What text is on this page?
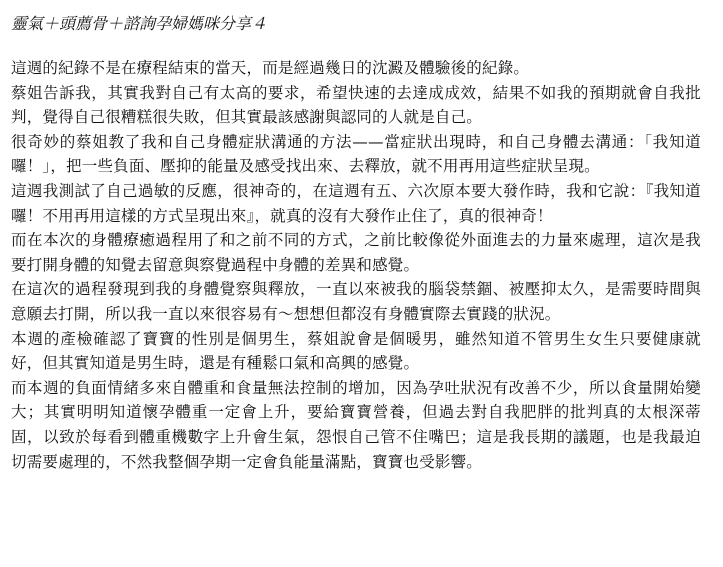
靈氣＋頭薦骨＋諮詢孕婦媽咪分享４

這週的紀錄不是在療程結束的當天，而是經過幾日的沈澱及體驗後的紀錄。

蔡姐告訴我，其實我對自己有太高的要求，希望快速的去達成成效，結果不如我的預期就會自我批判，覺得自己很糟糕很失敗，但其實最該感謝與認同的人就是自己。

很奇妙的蔡姐教了我和自己身體症狀溝通的方法——當症狀出現時，和自己身體去溝通：「我知道囉！」，把一些負面、壓抑的能量及感受找出來、去釋放，就不用再用這些症狀呈現。

這週我測試了自己過敏的反應，很神奇的，在這週有五、六次原本要大發作時，我和它說：『我知道囉！不用再用這樣的方式呈現出來』，就真的沒有大發作止住了，真的很神奇！

而在本次的身體療癒過程用了和之前不同的方式，之前比較像從外面進去的力量來處理，這次是我要打開身體的知覺去留意與察覺過程中身體的差異和感覺。

在這次的過程發現到我的身體覺察與釋放，一直以來被我的腦袋禁錮、被壓抑太久，是需要時間與意願去打開，所以我一直以來很容易有～想想但都沒有身體實際去實踐的狀況。

本週的產檢確認了寶寶的性別是個男生，蔡姐說會是個暖男，雖然知道不管男生女生只要健康就好，但其實知道是男生時，還是有種鬆口氣和高興的感覺。

而本週的負面情緒多來自體重和食量無法控制的增加，因為孕吐狀況有改善不少，所以食量開始變大；其實明明知道懷孕體重一定會上升，要給寶寶營養，但過去對自我肥胖的批判真的太根深蒂固，以致於每看到體重機數字上升會生氣，怨恨自己管不住嘴巴；這是我長期的議題，也是我最迫切需要處理的，不然我整個孕期一定會負能量滿點，寶寶也受影響。
